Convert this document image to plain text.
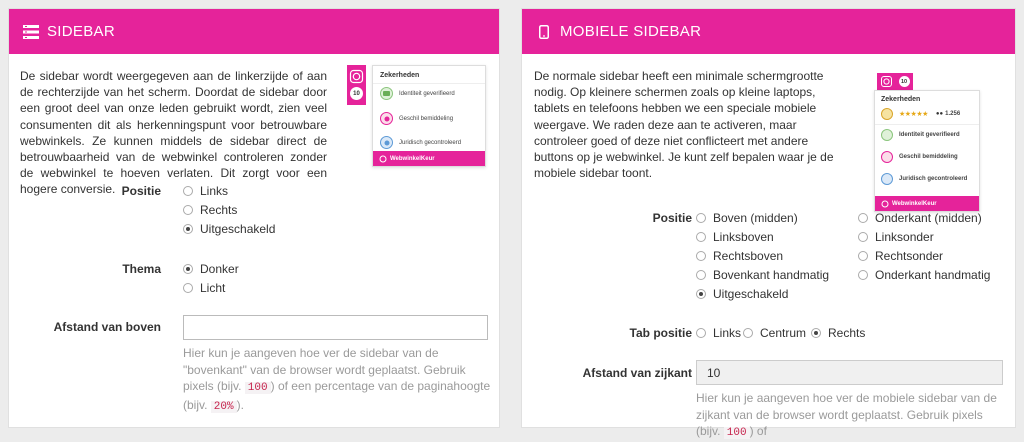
SIDEBAR

De sidebar wordt weergegeven aan de linkerzijde of aan de rechterzijde van het scherm. Doordat de sidebar door een groot deel van onze leden gebruikt wordt, zien veel consumenten dit als herkenningspunt voor betrouwbare webwinkels. Ze kunnen middels de sidebar direct de betrouwbaarheid van de webwinkel controleren zonder de webwinkel te hoeven verlaten. Dit zorgt voor een hogere conversie.

10
Zekerheden
Identiteit geverifieerd
Geschil bemiddeling
Juridisch gecontroleerd
WebwinkelKeur
Positie	Links
Rechts
Uitgeschakeld
Thema	Donker
Licht
Afstand van boven

Hier kun je aangeven hoe ver de sidebar van de "bovenkant" van de browser wordt geplaatst. Gebruik pixels (bijv. 100 ) of een percentage van de paginahoogte (bijv. 20% ).

MOBIELE SIDEBAR

De normale sidebar heeft een minimale schermgrootte nodig. Op kleinere schermen zoals op kleine laptops, tablets en telefoons hebben we een speciale mobiele weergave. We raden deze aan te activeren, maar controleer goed of deze niet conflicteert met andere buttons op je webwinkel. Je kunt zelf bepalen waar je de mobiele sidebar toont.

10
Zekerheden
★★★★★ ●● 1.256
Identiteit geverifieerd
Geschil bemiddeling
Juridisch gecontroleerd
WebwinkelKeur
Positie Boven (midden)
Linksboven
Rechtsboven
Bovenkant handmatig
Uitgeschakeld
Onderkant (midden)
Linksonder
Rechtsonder
Onderkant handmatig
Tab positie Links Centrum Rechts
Afstand van zijkant
10

Hier kun je aangeven hoe ver de mobiele sidebar van de zijkant van de browser wordt geplaatst. Gebruik pixels (bijv. 100 ) of
